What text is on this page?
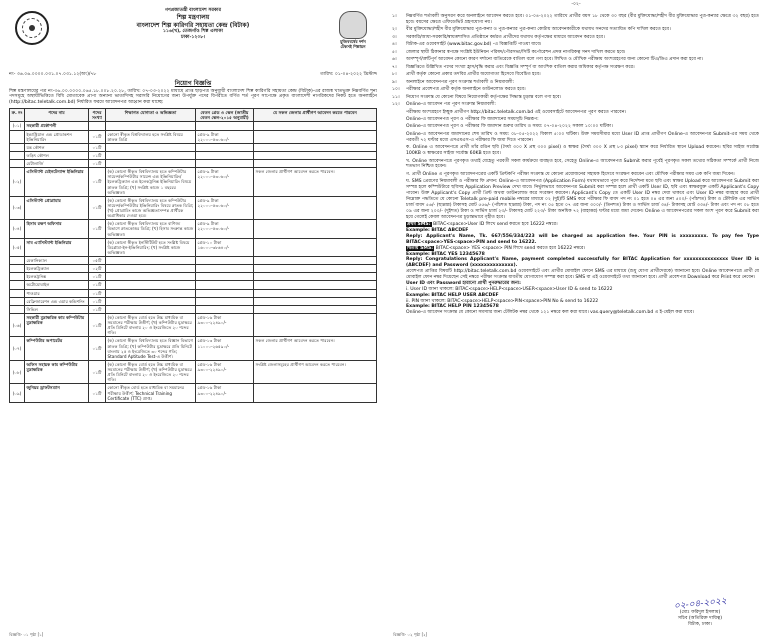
গণপ্রজাতন্ত্রী বাংলাদেশ সরকার
শিল্প মন্ত্রণালয়
বাংলাদেশ শিল্প কারিগরি সহায়তা কেন্দ্র (বিটাক)
১১৬(খ), তেজগাঁও শিল্প এলাকা
ঢাকা-১২০৮।
মুজিববর্ষের দর্শন
টেকসই শিল্পায়ন
নং- ৩৬.০৬.০০০০.০৩১.০৭.০৩১.১২(অং)/৭৮	তারিখ: ০১-০৪-২০২২ খ্রিস্টাব্দ
নিয়োগ বিজ্ঞপ্তি

শিল্প মন্ত্রণালয়ের পত্র নং-৩৬.০০.০০০০.০৬৫.১৮.০০৮.২০.২৮, তারিখ: ০৭-০৩-২০২২ মাধ্যমে প্রাপ্ত ছাড়পত্র অনুযায়ী বাংলাদেশ শিল্প কারিগরি সহায়তা কেন্দ্র (বিটাক)-এর রাজস্ব খাতভুক্ত নিম্নবর্ণিত শূন্য পদসমূহে অস্থায়ীভিত্তিতে বিধি মোতাবেক প্রাপ্য অন্যান্য ভাতাদিসহ সরাসরি নিয়োগের জন্য উপর্যুক্ত পদের বিপরীতে বর্ণিত শর্ত পূরণ সাপেক্ষে প্রকৃত বাংলাদেশী নাগরিকদের নিকট হতে অনলাইনে (http://bitac.teletalk.com.bd) নির্ধারিত ফরমে আবেদনপত্র আহ্বান করা যাচ্ছে:

ক্র. নং	পদের নাম	পদের সংখ্যা	শিক্ষাগত যোগ্যতা ও অভিজ্ঞতা	বেতন গ্রেড ও স্কেল (জাতীয় বেতন স্কেল-২০১৫ অনুযায়ী)	যে সকল জেলার প্রার্থীগণ আবেদন করতে পারবেন
(০১)	সহকারী প্রকৌশলী				
	ইন্ডাস্ট্রিয়াল এন্ড প্রোডাকশন ইঞ্জিনিয়ারিং	০১টি	কোনো স্বীকৃত বিশ্ববিদ্যালয় হতে সংশ্লিষ্ট বিষয়ে স্নাতক ডিগ্রি	গ্রেড-৯ টাকা ২২০০০-৫৩০৬০/-	
	যন্ত্র কৌশল	০১টি			
	তড়িৎ কৌশল	০১টি			
	মেটালার্জি	০১টি			
(০২)	এসিস্ট্যান্ট মেইনটেন্যান্স ইঞ্জিনিয়ার	০১টি	(ক) কোনো স্বীকৃত বিশ্ববিদ্যালয় হতে কম্পিউটার সায়েন্স/কম্পিউটার সায়েন্স এন্ড ইঞ্জিনিয়ারিং/ইলেকট্রিক্যাল এন্ড ইলেকট্রনিক্স ইঞ্জিনিয়ারিং বিষয়ে স্নাতক ডিগ্রি; (খ) সংশ্লিষ্ট কাজে ১ বছরের অভিজ্ঞতা।	গ্রেড-৯ টাকা ২২০০০-৫৩০৬০/-	সকল জেলার প্রার্থীগণ আবেদন করতে পারবেন।
(০৩)	এসিস্ট্যান্ট প্রোগ্রামার	০১টি	(ক) কোনো স্বীকৃত বিশ্ববিদ্যালয় হতে কম্পিউটার সায়েন্স/কম্পিউটার ইঞ্জিনিয়ারিং বিষয়ে স্নাতক ডিগ্রি; (খ) প্রোগ্রামিং কাজে অভিজ্ঞতাসম্পন্ন প্রার্থীকে অগ্রাধিকার দেওয়া হবে।	গ্রেড-৯ টাকা ২২০০০-৫৩০৬০/-	
(০৪)	হিসাব রক্ষণ অফিসার	০১টি	(ক) কোনো স্বীকৃত বিশ্ববিদ্যালয় হতে বাণিজ্য বিভাগে স্নাতকোত্তর ডিগ্রি; (খ) হিসাব সংক্রান্ত কাজে অভিজ্ঞতা।	গ্রেড-৯ টাকা ২২০০০-৫৩০৬০/-	
(০৫)	সাব এ্যাসিস্ট্যান্ট ইঞ্জিনিয়ার		(ক) কোনো স্বীকৃত ইনস্টিটিউট হতে সংশ্লিষ্ট বিষয়ে ডিপ্লোমা-ইন-ইঞ্জিনিয়ারিং; (খ) সংশ্লিষ্ট কাজে অভিজ্ঞতা।	গ্রেড-১০ টাকা ১৬০০০-৩৮৬৪০/-	
	মেকানিক্যাল	০৫টি			
	ইলেকট্রিক্যাল	০২টি			
	ইলেকট্রনিক্স	০১টি			
	অটোমোবাইল	০১টি			
	পাওয়ার	০১টি			
	রেফ্রিজারেশন এন্ড এয়ার কন্ডিশনিং	০১টি			
	সিভিল	০১টি			
(০৬)	সহকারী মুদ্রাক্ষরিক কাম কম্পিউটার মুদ্রাক্ষরিক	০১টি	(ক) কোনো স্বীকৃত বোর্ড হতে উচ্চ মাধ্যমিক বা সমমানের পরীক্ষায় উত্তীর্ণ; (খ) কম্পিউটার মুদ্রাক্ষরে প্রতি মিনিটে বাংলায় ২০ ও ইংরেজিতে ২০ শব্দের গতি।	গ্রেড-১৬ টাকা ৯৩০০-২২৪৯০/-	
(০৭)	কম্পিউটার অপারেটর	০১টি	(ক) কোনো স্বীকৃত বিশ্ববিদ্যালয় হতে বিজ্ঞান বিভাগে স্নাতক ডিগ্রি; (খ) কম্পিউটার মুদ্রাক্ষরে প্রতি মিনিটে বাংলায় ২৫ ও ইংরেজিতে ৩০ শব্দের গতি; Standard Aptitude Test-এ উত্তীর্ণ।	গ্রেড-১৩ টাকা ১১০০০-২৬৫৯০/-	সকল জেলার প্রার্থীগণ আবেদন করতে পারবেন।
(০৮)	অফিস সহায়ক কাম কম্পিউটার মুদ্রাক্ষরিক	০১টি	(ক) কোনো স্বীকৃত বোর্ড হতে উচ্চ মাধ্যমিক বা সমমানের পরীক্ষায় উত্তীর্ণ; (খ) কম্পিউটার মুদ্রাক্ষরে প্রতি মিনিটে বাংলায় ২০ ও ইংরেজিতে ২০ শব্দের গতি।	গ্রেড-১৬ টাকা ৯৩০০-২২৪৯০/-	সংশ্লিষ্ট জেলাসমূহের প্রার্থীগণ আবেদন করতে পারবেন।
(০৯)	জুনিয়র ড্রাফটসম্যান	০১টি	কোনো স্বীকৃত বোর্ড হতে মাধ্যমিক বা সমমানের পরীক্ষায় উত্তীর্ণ; Technical Training Certificate (TTC) প্রাপ্ত।	গ্রেড-১৬ টাকা ৯৩০০-২২৪৯০/-	
বিজ্ঞপ্তি- ০১ পৃষ্ঠা [১]
-০২-
১।	নিম্নবর্ণিত শর্তাবলী অনুসরণ করে অনলাইনে আবেদন করতে হবে। ০১-০৪-২০২২ তারিখে প্রার্থীর বয়স ১৮ থেকে ৩০ বছর (বীর মুক্তিযোদ্ধা/শহীদ বীর মুক্তিযোদ্ধার পুত্র-কন্যার ক্ষেত্রে ৩২ বছর) হতে হবে। বয়সের ক্ষেত্রে এফিডেভিট গ্রহণযোগ্য নয়।
২।	বীর মুক্তিযোদ্ধা/শহীদ বীর মুক্তিযোদ্ধার পুত্র-কন্যা ও পুত্র-কন্যার পুত্র-কন্যা কোটায় আবেদনকারীকে যথাযথ সনদের সত্যায়িত কপি দাখিল করতে হবে।
৩।	সরকারি/আধা-সরকারি/স্বায়ত্তশাসিত প্রতিষ্ঠানে কর্মরত প্রার্থীদের যথাযথ কর্তৃপক্ষের মাধ্যমে আবেদন করতে হবে।
৪।	বিটাক-এর ওয়েবসাইট (www.bitac.gov.bd) -এ বিজ্ঞপ্তিটি পাওয়া যাবে।
৫।	জেলার স্থায়ী ঠিকানার স্বপক্ষে সংশ্লিষ্ট ইউনিয়ন পরিষদ/পৌরসভা/সিটি কর্পোরেশন প্রদত্ত নাগরিকত্ব সনদ দাখিল করতে হবে।
৬।	অসম্পূর্ণ/ত্রুটিপূর্ণ আবেদন কোনো কারণ দর্শানো ব্যতিরেকে বাতিল বলে গণ্য হবে। লিখিত ও মৌখিক পরীক্ষায় অংশগ্রহণের জন্য কোনো টিএ/ডিএ প্রদান করা হবে না।
৭।	বিজ্ঞপ্তিতে উল্লিখিত পদের সংখ্যা হ্রাস/বৃদ্ধি করার এবং বিজ্ঞপ্তি সম্পূর্ণ বা আংশিক বাতিল করার অধিকার কর্তৃপক্ষ সংরক্ষণ করে।
৮।	প্রার্থী কর্তৃক কোনো প্রকার তদবির প্রার্থীর অযোগ্যতা হিসেবে বিবেচিত হবে।
৯।	অনলাইনে আবেদনপত্র পূরণ সংক্রান্ত শর্তাবলী ও নিয়মাবলী:
১০।	পরীক্ষার প্রবেশপত্র প্রার্থী কর্তৃক অনলাইনে ডাউনলোড করতে হবে।
১১।	নিয়োগ সংক্রান্ত যে কোনো বিষয়ে নিয়োগকারী কর্তৃপক্ষের সিদ্ধান্ত চূড়ান্ত বলে গণ্য হবে।
১২।	Online-এ আবেদন পত্র পূরণ সংক্রান্ত নিয়মাবলী:
পরীক্ষায় অংশগ্রহণে ইচ্ছুক প্রার্থীগণ http://bitac.teletalk.com.bd এই ওয়েবসাইটে আবেদনপত্র পূরণ করতে পারবেন।
Online-এ আবেদনপত্র পূরণ ও পরীক্ষার ফি জমাদানের সময়সূচি নিম্নরূপ:
Online-এ আবেদনপত্র পূরণ ও পরীক্ষার ফি জমাদান শুরুর তারিখ ও সময়: ০৭-০৪-২০২২ সকাল ১০:০০ ঘটিকা।
Online-এ আবেদনপত্র জমাদানের শেষ তারিখ ও সময়: ০৮-০৫-২০২২ বিকাল ৫:০০ ঘটিকা। উক্ত সময়সীমার মধ্যে User ID প্রাপ্ত প্রার্থীগণ Online-এ আবেদনপত্র Submit-এর সময় থেকে পরবর্তী ৭২ ঘণ্টার মধ্যে এসএমএস-এ পরীক্ষার ফি জমা দিতে পারবেন।
ক. Online এ আবেদনপত্রে প্রার্থী তাঁর রঙিন ছবি (দৈর্ঘ্য ৩০০ X প্রস্থ ৩০০ pixel) ও স্বাক্ষর (দৈর্ঘ্য ৩০০ X প্রস্থ ৮০ pixel) স্ক্যান করে নির্ধারিত স্থানে Upload করবেন। ছবির সাইজ সর্বোচ্চ 100KB ও স্বাক্ষরের সাইজ সর্বোচ্চ 60KB হতে হবে।
খ. Online আবেদনপত্রে পূরণকৃত তথ্যই যেহেতু পরবর্তী সকল কার্যক্রমে ব্যবহৃত হবে, সেহেতু Online-এ আবেদনপত্র Submit করার পূর্বেই পূরণকৃত সকল তথ্যের সঠিকতা সম্পর্কে প্রার্থী নিজে শতভাগ নিশ্চিত হবেন।
গ. প্রার্থী Online এ পূরণকৃত আবেদনপত্রের একটি প্রিন্টকপি পরীক্ষা সংক্রান্ত যে কোনো প্রয়োজনের সহায়ক হিসেবে সংরক্ষণ করবেন এবং মৌখিক পরীক্ষার সময় এক কপি জমা দিবেন।
ঘ. SMS প্রেরণের নিয়মাবলী ও পরীক্ষার ফি প্রদান: Online-এ আবেদনপত্র (Application Form) যথাযথভাবে পূরণ করে নির্দেশনা মতে ছবি এবং স্বাক্ষর Upload করে আবেদনপত্র Submit করা সম্পন্ন হলে কম্পিউটারে ছবিসহ Application Preview দেখা যাবে। নির্ভুলভাবে আবেদনপত্র Submit করা সম্পন্ন হলে প্রার্থী একটি User ID, ছবি এবং স্বাক্ষরযুক্ত একটি Applicant's Copy পাবেন। উক্ত Applicant's Copy প্রার্থী প্রিন্ট অথবা ডাউনলোড করে সংরক্ষণ করবেন। Applicant's Copy তে একটি User ID নম্বর দেয়া থাকবে এবং User ID নম্বর ব্যবহার করে প্রার্থী নিম্নোক্ত পদ্ধতিতে যে কোনো Teletalk pre-paid mobile নম্বরের মাধ্যমে ০২ (দুই)টি SMS করে পরীক্ষার ফি বাবদ পদ নং ০১ হতে ০৪ এর জন্য ৫০০/- (পাঁচশত) টাকা ও টেলিটক এর সার্ভিস চার্জ বাবদ ৫৬/- (ছাপ্পান্ন) টাকাসহ মোট ৫৫৬/- (পাঁচশত ছাপ্পান্ন) টাকা, পদ নং ০৫ হতে ০৭ এর জন্য ৩০০/- (তিনশত) টাকা ও সার্ভিস চার্জ ৩৪/- টাকাসহ মোট ৩৩৪/- টাকা এবং পদ নং ০৮ হতে ০৯ এর জন্য ২০০/- (দুইশত) টাকা ও সার্ভিস চার্জ ২৩/- টাকাসহ মোট ২২৩/- টাকা অনধিক ৭২ (বাহাত্তর) ঘণ্টার মধ্যে জমা দেবেন। Online এ আবেদনপত্রের সকল অংশ পূরণ করে Submit করা হয়ে গেলেই কেবল আবেদনপত্র চূড়ান্তভাবে গৃহীত হবে।
প্রথম SMS: BITAC<space>User ID লিখে send করতে হবে 16222 নম্বরে।
Example: BITAC ABCDEF
Reply: Applicant's Name, Tk. 667/556/334/223 will be charged as application fee. Your PIN is xxxxxxxxx. To pay fee Type BITAC<space>YES<space>PIN and send to 16222.
দ্বিতীয় SMS: BITAC<space> YES <space> PIN লিখে send করতে হবে 16222 নম্বরে।
Example: BITAC YES 12345678
Reply: Congratulations Applicant's Name, payment completed successfully for BITAC Application for xxxxxxxxxxxxxxx User ID is (ABCDEF) and Password (xxxxxxxxxxxxxx).
প্রবেশপত্র প্রাপ্তির বিষয়টি http://bitac.teletalk.com.bd ওয়েবসাইটে এবং প্রার্থীর মোবাইল ফোনে SMS এর মাধ্যমে (শুধু যোগ্য প্রার্থীদেরকে) জানানো হবে। Online আবেদনপত্রে প্রার্থী যে মোবাইল ফোন নম্বর দিয়েছেন সেই নম্বরে পরীক্ষা সংক্রান্ত যাবতীয় যোগাযোগ সম্পন্ন করা হবে। SMS বা এই ওয়েবসাইটে তথ্য জানানো হবে। প্রার্থী প্রবেশপত্র Download করে Print করে নেবেন।
User ID এবং Password হারানো প্রার্থী পুনরুদ্ধারের জন্য:
i. User ID জানা থাকলে: BITAC<space>HELP<space>USER<space>User ID & send to 16222
Example: BITAC HELP USER ABCDEF
ii. PIN জানা থাকলে: BITAC<space>HELP<space>PIN<space>PIN No & send to 16222
Example: BITAC HELP PIN 12345678
Online-এ আবেদন সংক্রান্ত যে কোনো সমস্যার জন্য টেলিটক নম্বর থেকে ১২১ নম্বরে কল করা যাবে। vas.query@teletalk.com.bd এ ই-মেইল করা যাবে।
০২-০৪-২০২২
(মোঃ ফরিদুল ইসলাম)
সচিব (অতিরিক্ত দায়িত্ব)
বিটাক, ঢাকা।
বিজ্ঞপ্তি- ০২ পৃষ্ঠা [২]
